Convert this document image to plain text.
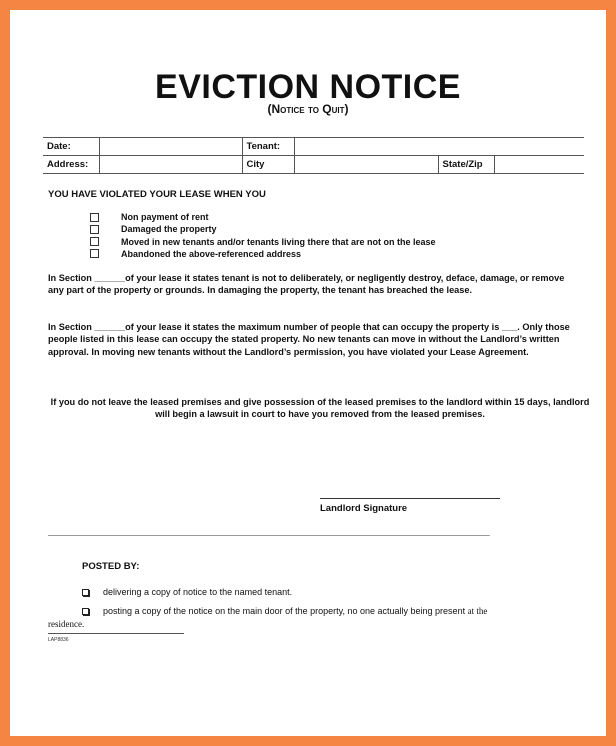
EVICTION NOTICE
(Notice to Quit)
Date:		Tenant:			
Address:		City		State/Zip	
YOU HAVE VIOLATED YOUR LEASE WHEN YOU
Non payment of rent
Damaged the property
Moved in new tenants and/or tenants living there that are not on the lease
Abandoned the above-referenced address
In Section ______of your lease it states tenant is not to deliberately, or negligently destroy, deface, damage, or remove any part of the property or grounds. In damaging the property, the tenant has breached the lease.
In Section ______of your lease it states the maximum number of people that can occupy the property is ___. Only those people listed in this lease can occupy the stated property. No new tenants can move in without the Landlord’s written approval. In moving new tenants without the Landlord’s permission, you have violated your Lease Agreement.
If you do not leave the leased premises and give possession of the leased premises to the landlord within 15 days, landlord will begin a lawsuit in court to have you removed from the leased premises.
Landlord Signature
______________________________________________________________________________________________________________
POSTED BY:
delivering a copy of notice to the named tenant.
posting a copy of the notice on the main door of the property, no one actually being present
at the
residence.
LAP8836
